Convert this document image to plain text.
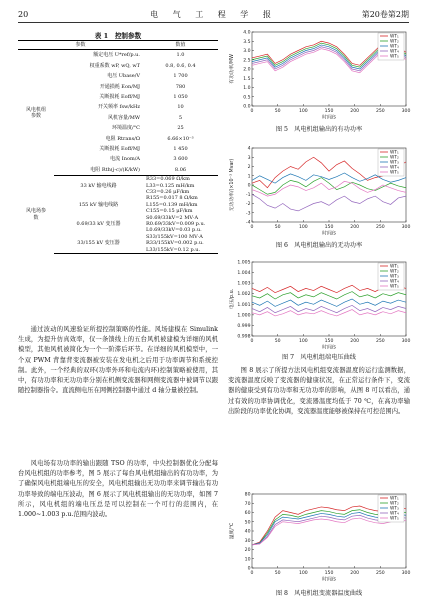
20	电 气 工 程 学 报	第20卷第2期
表 1　控制参数
参数		数值
风电机组参数	额定电压 U*ref/p.u.	1.0
	权重系数 wP, wQ, wT	0.8, 0.6, 0.4
	电压 Ubase/V	1 700
	开通损耗 Eon/MJ	780
	关断损耗 Eoff/MJ	1 050
	开关频率 fsw/kHz	10
	风机容量/MW	5
	环境温度/°C	25
	电阻 Rtrans/Ω	6.66×10⁻³
	关断损耗 Eoff/MJ	1 450
	电流 Inom/A	3 600
	电阻 Rth(j-c)/(K/kW)	8.06
风电场参数	33 kV 输电线路	R33=0.069 Ω/km
L33=0.125 mH/km
C33=0.26 μF/km
	155 kV 输电线路	R155=0.017 8 Ω/km
L155=0.139 mH/km
C155=0.15 μF/km
	0.69/33 kV 变压器	S0.69/33kV=2 MV·A
R0.69/33kV=0.009 p.u.
L0.69/33kV=0.03 p.u.
	33/155 kV 变压器	S33/155kV=100 MV·A
R33/155kV=0.002 p.u.
L33/155kV=0.12 p.u.

通过波动的风速验证所提控制策略的性能。风场建模在 Simulink 生成，为提升仿真效率，仅一条馈线上的五台风机被建模为详细的风机模型，其他风机被简化为一个一阶滞后环节。在详细的风机模型中，一个双 PWM 背靠背变流器被安装在发电机之后用于功率调节和系统控制。此外，一个经典的双环(功率外环和电流内环)控制策略被使用，其中，有功功率和无功功率分别在机侧变流器和网侧变流器中被调节以跟随控制器指令。直流侧电压在网侧控制器中通过 d 轴分量被控制。

风电场有功功率的输出跟随 TSO 的功率，中央控制器优化分配每台风电机组的功率参考，图 5 展示了每台风电机组输出的有功功率，为了确保风电机组端电压的安全，风电机组输出无功功率来调节输出有功功率导致的端电压波动，图 6 展示了风电机组输出的无功功率，如图 7 所示，风电机组的端电压总是可以控制在一个可行的范围内，在 1.000~1.003 p.u.范围内波动。

0.0
0.5
1.0
1.5
2.0
2.5
3.0
3.5
4.0
0	50	100	150	200	250	300
时间/s
有功功率/MW
WT₁
WT₂
WT₃
WT₄
WT₅
图 5　风电机组输出的有功功率
-4
-3
-2
-1
0
1
2
3
4
0	50	100	150	200	250	300
时间/s
无功功率/(×10⁻³ Mvar)
WT₁
WT₂
WT₃
WT₄
WT₅
图 6　风电机组输出的无功功率
0.998
0.999
1.000
1.001
1.002
1.003
1.004
1.005
0	50	100	150	200	250	300
时间/s
电压/p.u.
WT₁
WT₂
WT₃
WT₄
WT₅
图 7　风电机组端电压曲线

图 8 展示了所提方法风电机组变流器温度的运行监测数据，变流器温度反映了变流器的健康状况，在正常运行条件下，变流器的健康受到有功功率和无功功率的影响，从图 8 可以看出，通过有效的功率协调优化，变流器温度均低于 70 ℃，在高功率输出阶段的功率优化协调，变流器温度能够被保持在可控范围内。

0
10
20
30
40
50
60
70
80
0	50	100	150	200	250	300
时间/s
温度/℃
WT₁
WT₂
WT₃
WT₄
WT₅
图 8　风电机组变流器温度曲线
